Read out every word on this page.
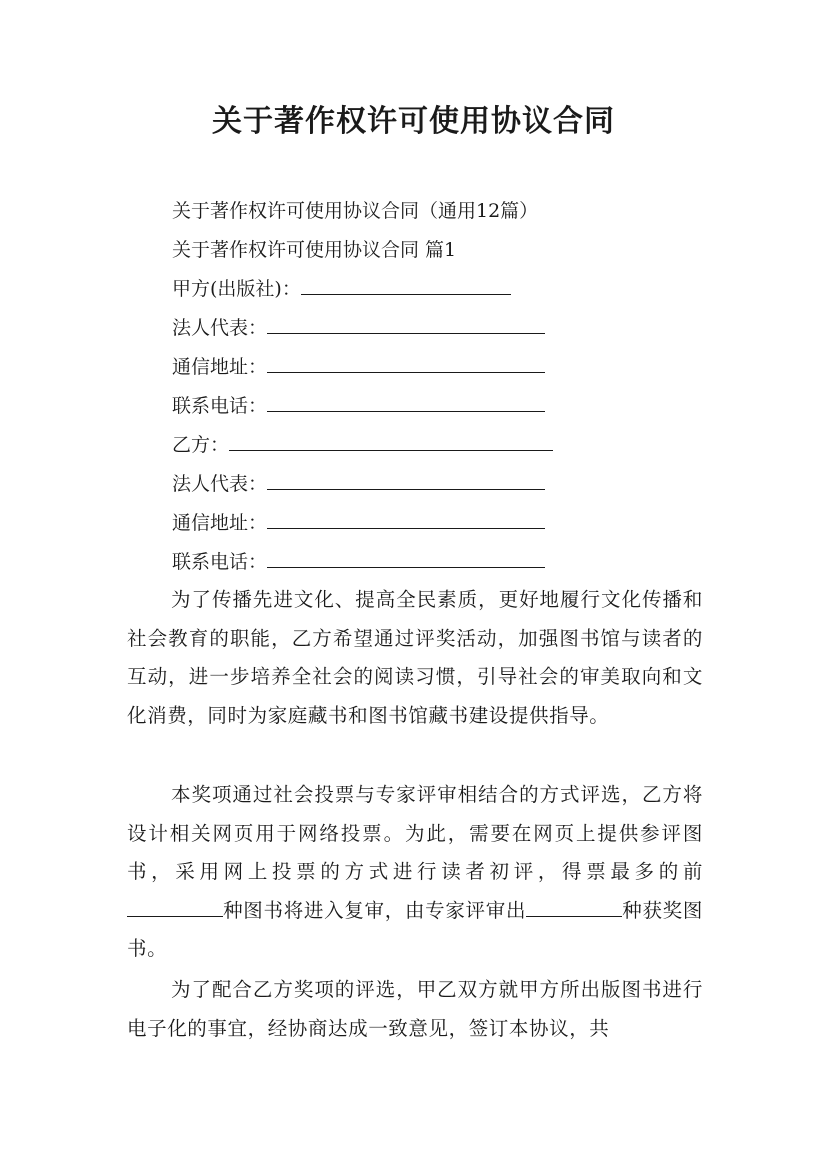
关于著作权许可使用协议合同
关于著作权许可使用协议合同（通用12篇）
关于著作权许可使用协议合同 篇1
甲方(出版社)：
法人代表：
通信地址：
联系电话：
乙方：
法人代表：
通信地址：
联系电话：

为了传播先进文化、提高全民素质，更好地履行文化传播和社会教育的职能，乙方希望通过评奖活动，加强图书馆与读者的互动，进一步培养全社会的阅读习惯，引导社会的审美取向和文化消费，同时为家庭藏书和图书馆藏书建设提供指导。

本奖项通过社会投票与专家评审相结合的方式评选，乙方将设计相关网页用于网络投票。为此，需要在网页上提供参评图书，采用网上投票的方式进行读者初评，得票最多的前种图书将进入复审，由专家评审出	种获奖图书。

为了配合乙方奖项的评选，甲乙双方就甲方所出版图书进行电子化的事宜，经协商达成一致意见，签订本协议，共
